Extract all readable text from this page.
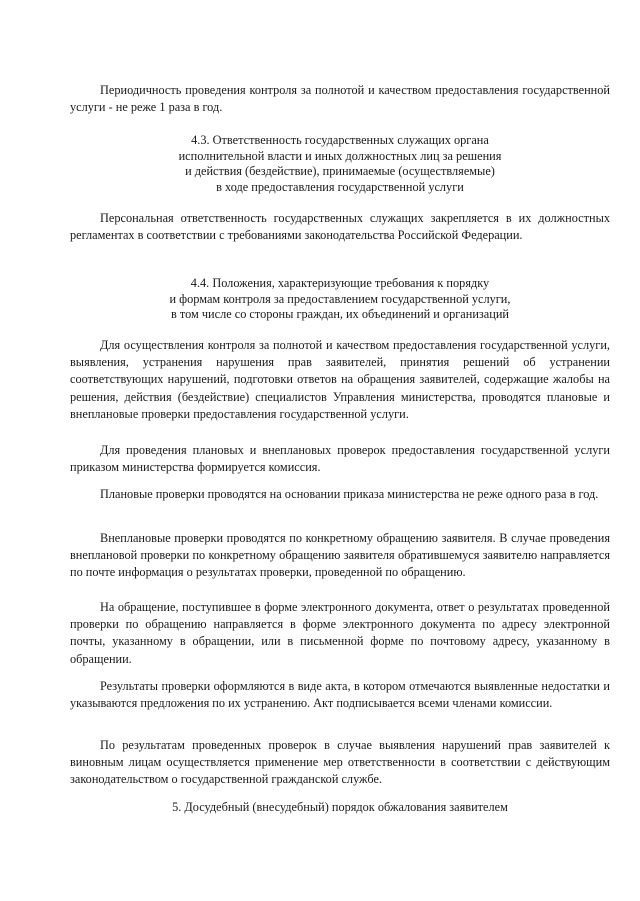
Периодичность проведения контроля за полнотой и качеством предоставления государственной услуги - не реже 1 раза в год.

4.3. Ответственность государственных служащих органа
исполнительной власти и иных должностных лиц за решения
и действия (бездействие), принимаемые (осуществляемые)
в ходе предоставления государственной услуги

Персональная ответственность государственных служащих закрепляется в их должностных регламентах в соответствии с требованиями законодательства Российской Федерации.

4.4. Положения, характеризующие требования к порядку
и формам контроля за предоставлением государственной услуги,
в том числе со стороны граждан, их объединений и организаций

Для осуществления контроля за полнотой и качеством предоставления государственной услуги, выявления, устранения нарушения прав заявителей, принятия решений об устранении соответствующих нарушений, подготовки ответов на обращения заявителей, содержащие жалобы на решения, действия (бездействие) специалистов Управления министерства, проводятся плановые и внеплановые проверки предоставления государственной услуги.

Для проведения плановых и внеплановых проверок предоставления государственной услуги приказом министерства формируется комиссия.

Плановые проверки проводятся на основании приказа министерства не реже одного раза в год.

Внеплановые проверки проводятся по конкретному обращению заявителя. В случае проведения внеплановой проверки по конкретному обращению заявителя обратившемуся заявителю направляется по почте информация о результатах проверки, проведенной по обращению.

На обращение, поступившее в форме электронного документа, ответ о результатах проведенной проверки по обращению направляется в форме электронного документа по адресу электронной почты, указанному в обращении, или в письменной форме по почтовому адресу, указанному в обращении.

Результаты проверки оформляются в виде акта, в котором отмечаются выявленные недостатки и указываются предложения по их устранению. Акт подписывается всеми членами комиссии.

По результатам проведенных проверок в случае выявления нарушений прав заявителей к виновным лицам осуществляется применение мер ответственности в соответствии с действующим законодательством о государственной гражданской службе.

5. Досудебный (внесудебный) порядок обжалования заявителем
